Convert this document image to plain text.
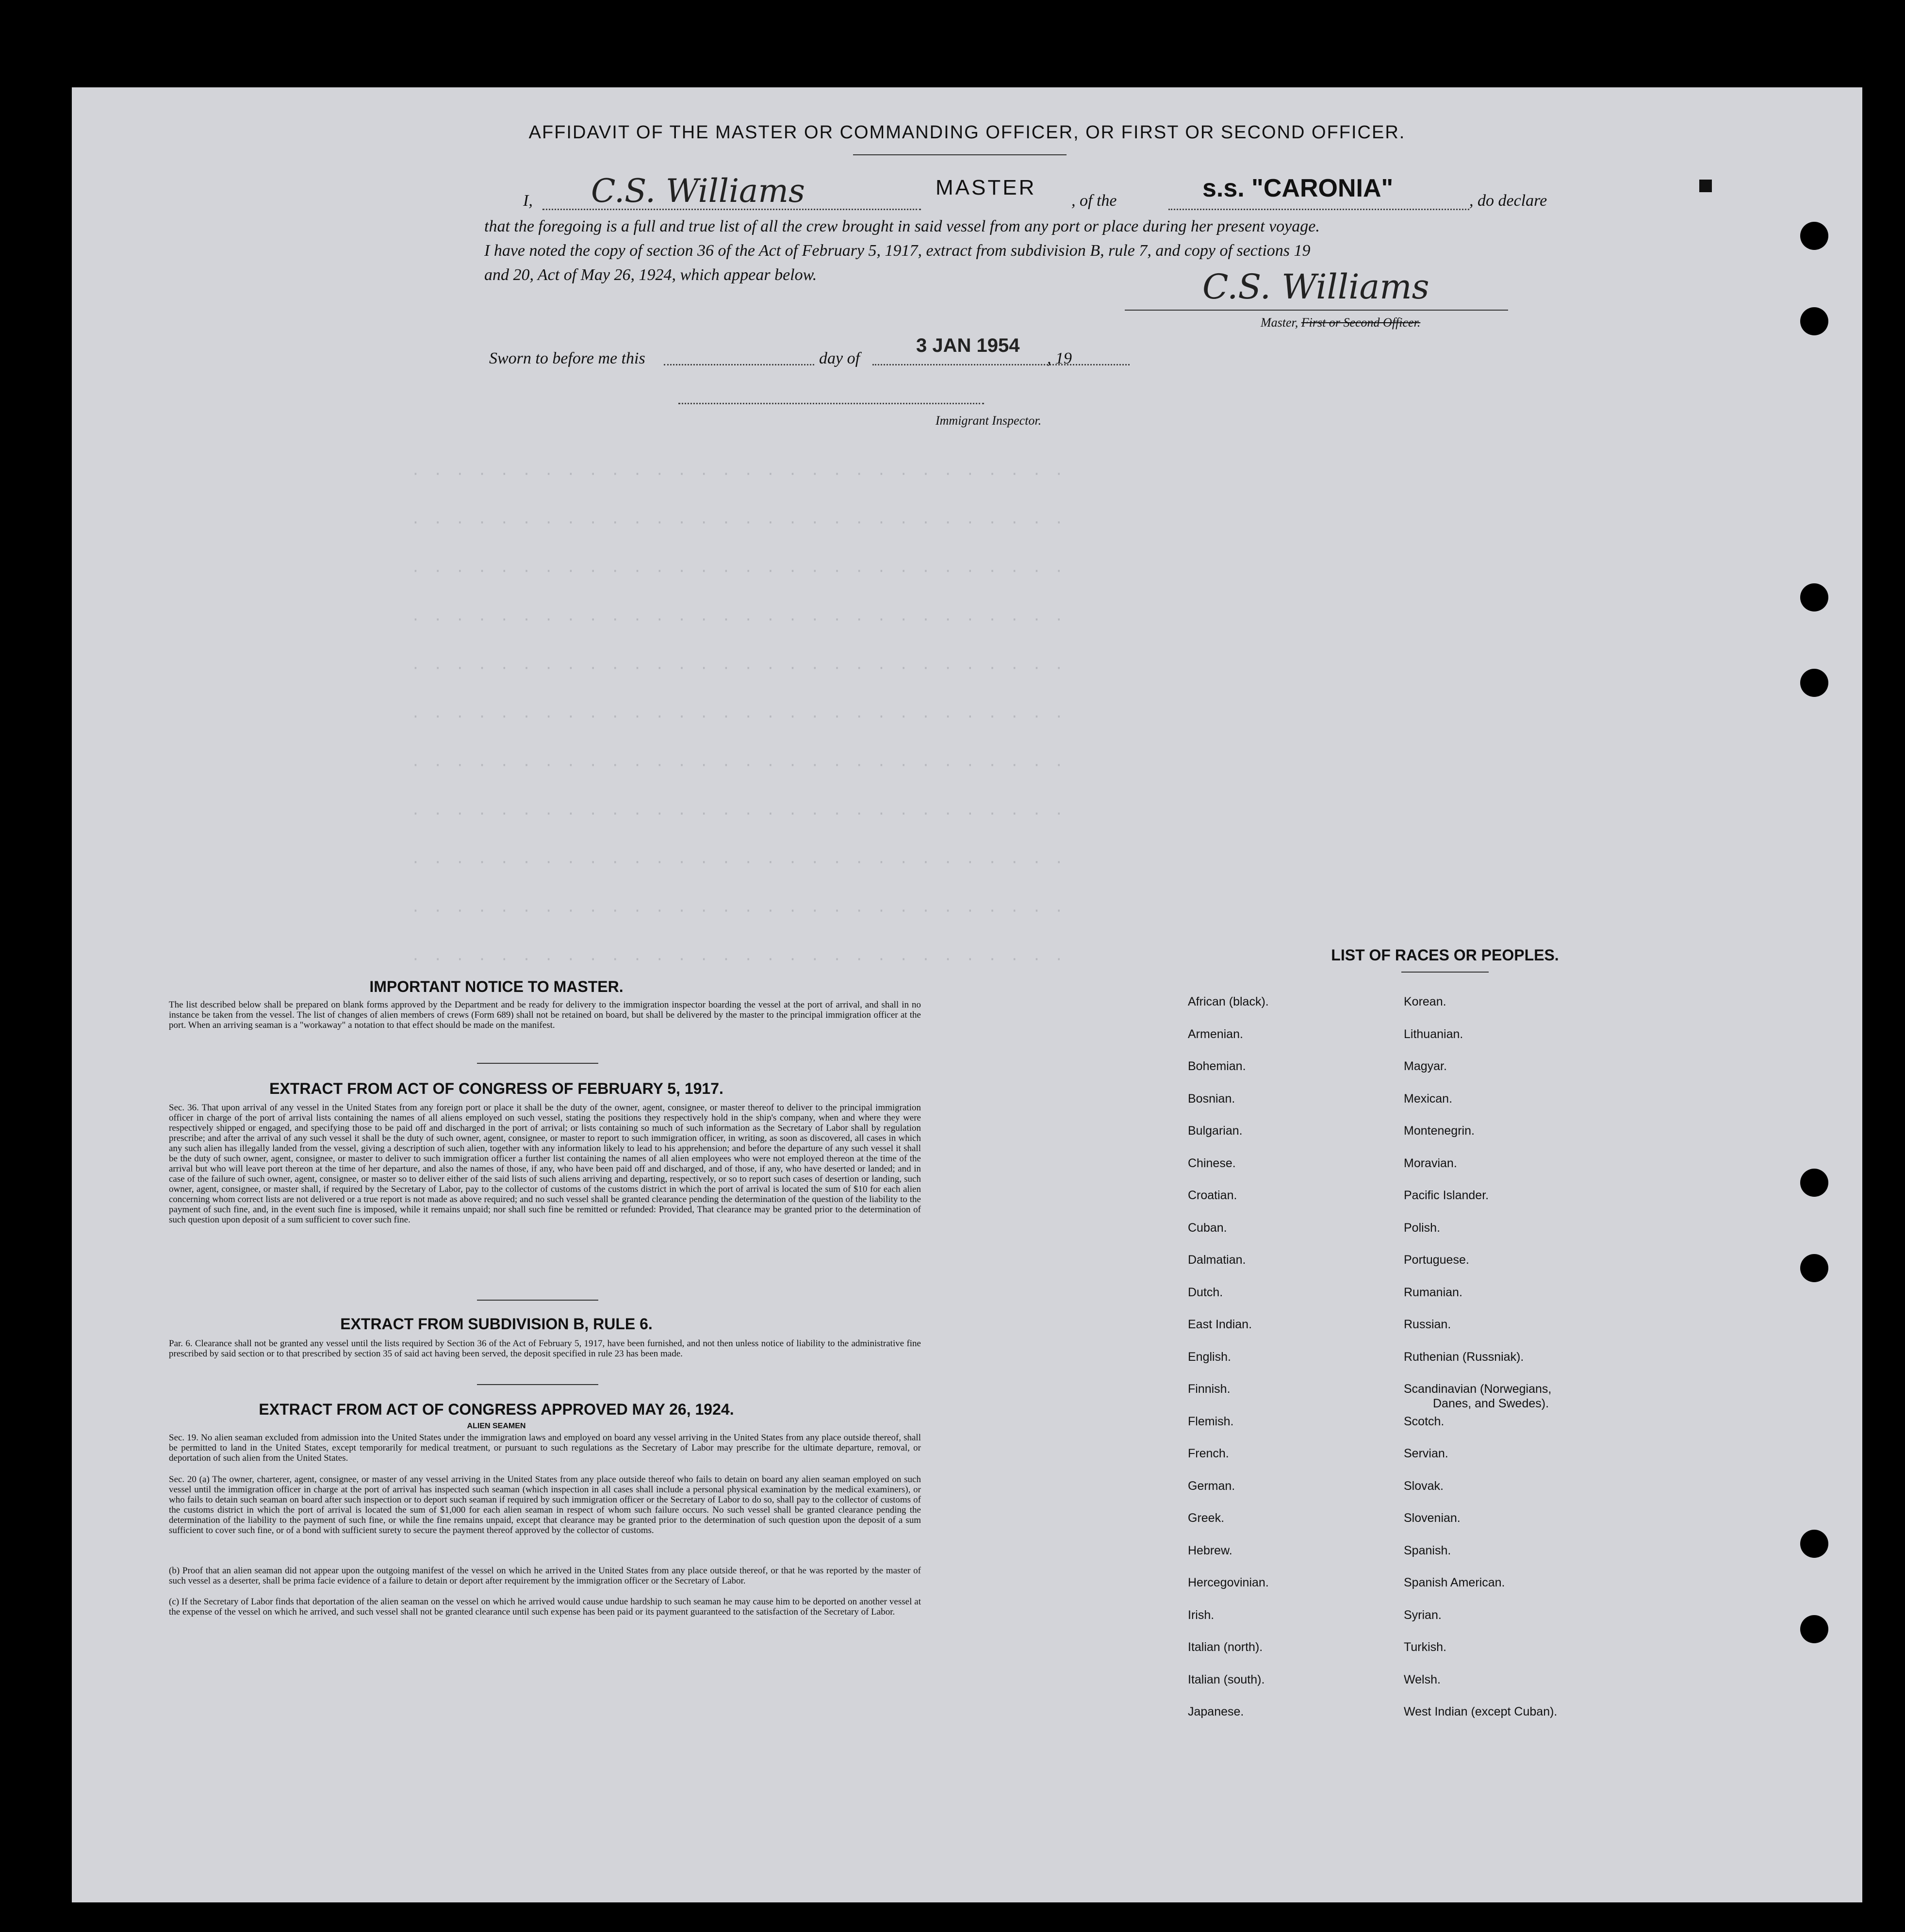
· · · · · · · · · · · · · · · · · · · · · · · · · · · · · ·
· · · · · · · · · · · · · · · · · · · · · · · · · · · · · ·
· · · · · · · · · · · · · · · · · · · · · · · · · · · · · ·
· · · · · · · · · · · · · · · · · · · · · · · · · · · · · ·
· · · · · · · · · · · · · · · · · · · · · · · · · · · · · ·
· · · · · · · · · · · · · · · · · · · · · · · · · · · · · ·
· · · · · · · · · · · · · · · · · · · · · · · · · · · · · ·
· · · · · · · · · · · · · · · · · · · · · · · · · · · · · ·
· · · · · · · · · · · · · · · · · · · · · · · · · · · · · ·
· · · · · · · · · · · · · · · · · · · · · · · · · · · · · ·
· · · · · · · · · · · · · · · · · · · · · · · · · · · · · ·
AFFIDAVIT OF THE MASTER OR COMMANDING OFFICER, OR FIRST OR SECOND OFFICER.
I, C.S. Williams	MASTER
, of the	s.s. "CARONIA"	, do declare
that the foregoing is a full and true list of all the crew brought in said vessel from any port or place during her present voyage.
I have noted the copy of section 36 of the Act of February 5, 1917, extract from subdivision B, rule 7, and copy of sections 19
and 20, Act of May 26, 1924, which appear below.	C.S. Williams
Master, First or Second Officer.
Sworn to before me this	day of
3 JAN 1954
, 19
Immigrant Inspector.
IMPORTANT NOTICE TO MASTER.
The list described below shall be prepared on blank forms approved by the Department and be ready for delivery to the immigration inspector boarding the vessel at the port of arrival, and shall in no instance be taken from the vessel. The list of changes of alien members of crews (Form 689) shall not be retained on board, but shall be delivered by the master to the principal immigration officer at the port. When an arriving seaman is a "workaway" a notation to that effect should be made on the manifest.
EXTRACT FROM ACT OF CONGRESS OF FEBRUARY 5, 1917.
Sec. 36. That upon arrival of any vessel in the United States from any foreign port or place it shall be the duty of the owner, agent, consignee, or master thereof to deliver to the principal immigration officer in charge of the port of arrival lists containing the names of all aliens employed on such vessel, stating the positions they respectively hold in the ship's company, when and where they were respectively shipped or engaged, and specifying those to be paid off and discharged in the port of arrival; or lists containing so much of such information as the Secretary of Labor shall by regulation prescribe; and after the arrival of any such vessel it shall be the duty of such owner, agent, consignee, or master to report to such immigration officer, in writing, as soon as discovered, all cases in which any such alien has illegally landed from the vessel, giving a description of such alien, together with any information likely to lead to his apprehension; and before the departure of any such vessel it shall be the duty of such owner, agent, consignee, or master to deliver to such immigration officer a further list containing the names of all alien employees who were not employed thereon at the time of the arrival but who will leave port thereon at the time of her departure, and also the names of those, if any, who have been paid off and discharged, and of those, if any, who have deserted or landed; and in case of the failure of such owner, agent, consignee, or master so to deliver either of the said lists of such aliens arriving and departing, respectively, or so to report such cases of desertion or landing, such owner, agent, consignee, or master shall, if required by the Secretary of Labor, pay to the collector of customs of the customs district in which the port of arrival is located the sum of $10 for each alien concerning whom correct lists are not delivered or a true report is not made as above required; and no such vessel shall be granted clearance pending the determination of the question of the liability to the payment of such fine, and, in the event such fine is imposed, while it remains unpaid; nor shall such fine be remitted or refunded: Provided, That clearance may be granted prior to the determination of such question upon deposit of a sum sufficient to cover such fine.
EXTRACT FROM SUBDIVISION B, RULE 6.
Par. 6. Clearance shall not be granted any vessel until the lists required by Section 36 of the Act of February 5, 1917, have been furnished, and not then unless notice of liability to the administrative fine prescribed by said section or to that prescribed by section 35 of said act having been served, the deposit specified in rule 23 has been made.
EXTRACT FROM ACT OF CONGRESS APPROVED MAY 26, 1924.
ALIEN SEAMEN
Sec. 19. No alien seaman excluded from admission into the United States under the immigration laws and employed on board any vessel arriving in the United States from any place outside thereof, shall be permitted to land in the United States, except temporarily for medical treatment, or pursuant to such regulations as the Secretary of Labor may prescribe for the ultimate departure, removal, or deportation of such alien from the United States.
Sec. 20 (a) The owner, charterer, agent, consignee, or master of any vessel arriving in the United States from any place outside thereof who fails to detain on board any alien seaman employed on such vessel until the immigration officer in charge at the port of arrival has inspected such seaman (which inspection in all cases shall include a personal physical examination by the medical examiners), or who fails to detain such seaman on board after such inspection or to deport such seaman if required by such immigration officer or the Secretary of Labor to do so, shall pay to the collector of customs of the customs district in which the port of arrival is located the sum of $1,000 for each alien seaman in respect of whom such failure occurs. No such vessel shall be granted clearance pending the determination of the liability to the payment of such fine, or while the fine remains unpaid, except that clearance may be granted prior to the determination of such question upon the deposit of a sum sufficient to cover such fine, or of a bond with sufficient surety to secure the payment thereof approved by the collector of customs.
(b) Proof that an alien seaman did not appear upon the outgoing manifest of the vessel on which he arrived in the United States from any place outside thereof, or that he was reported by the master of such vessel as a deserter, shall be prima facie evidence of a failure to detain or deport after requirement by the immigration officer or the Secretary of Labor.
(c) If the Secretary of Labor finds that deportation of the alien seaman on the vessel on which he arrived would cause undue hardship to such seaman he may cause him to be deported on another vessel at the expense of the vessel on which he arrived, and such vessel shall not be granted clearance until such expense has been paid or its payment guaranteed to the satisfaction of the Secretary of Labor.
LIST OF RACES OR PEOPLES.
African (black).
Armenian.
Bohemian.
Bosnian.
Bulgarian.
Chinese.
Croatian.
Cuban.
Dalmatian.
Dutch.
East Indian.
English.
Finnish.
Flemish.
French.
German.
Greek.
Hebrew.
Hercegovinian.
Irish.
Italian (north).
Italian (south).
Japanese.
Korean.
Lithuanian.
Magyar.
Mexican.
Montenegrin.
Moravian.
Pacific Islander.
Polish.
Portuguese.
Rumanian.
Russian.
Ruthenian (Russniak).
Scandinavian (Norwegians,
Danes, and Swedes).
Scotch.
Servian.
Slovak.
Slovenian.
Spanish.
Spanish American.
Syrian.
Turkish.
Welsh.
West Indian (except Cuban).
